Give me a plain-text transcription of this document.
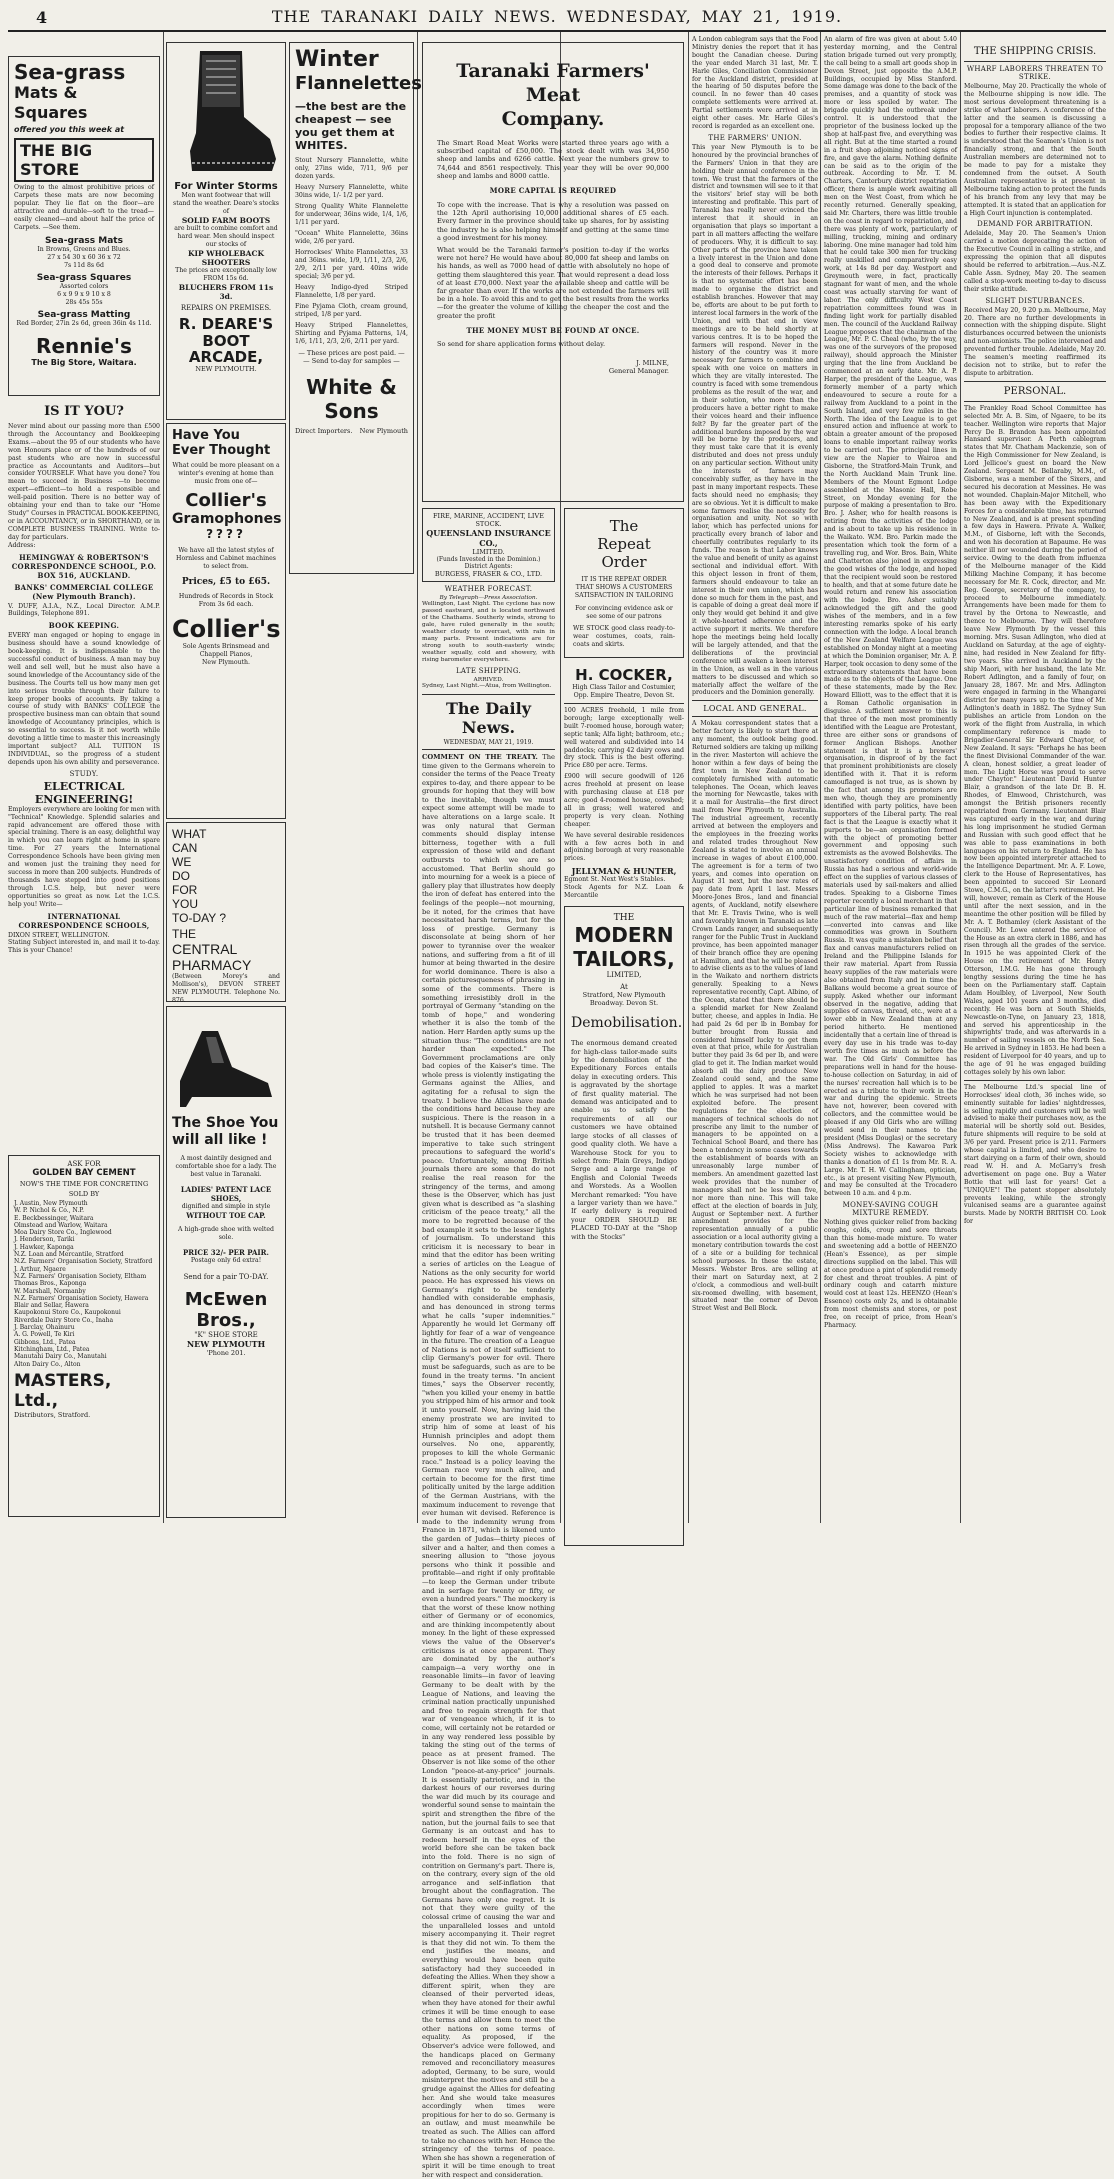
4	THE TARANAKI DAILY NEWS. WEDNESDAY, MAY 21, 1919.
Sea-grass
Mats & Squares
offered you this week at
THE BIG STORE
Owing to the almost prohibitive prices of Carpets these mats are now becoming popular. They lie flat on the floor—are attractive and durable—soft to the tread—easily cleaned—and about half the price of Carpets. —See them.
Sea-grass Mats
In Browns, Greens and Blues.
27 x 54 30 x 60 36 x 72
7s 11d 8s 6d
Sea-grass Squares
Assorted colors
6 x 9 9 x 9 10 x 8
28s 45s 55s
Sea-grass Matting
Red Border, 27in 2s 6d, green 36in 4s 11d.
Rennie's
The Big Store, Waitara.
IS IT YOU?
Never mind about our passing more than £500 through the Accountancy and Bookkeeping Exams.—about the 95 of our students who have won Honours place or of the hundreds of our past students who are now in successful practice as Accountants and Auditors—but consider YOURSELF. What have you done? You mean to succeed in Business —to become expert—efficient—to hold a responsible and well-paid position. There is no better way of obtaining your end than to take our "Home Study" Courses in PRACTICAL BOOK-KEEPING, or in ACCOUNTANCY, or in SHORTHAND, or in COMPLETE BUSINESS TRAINING. Write to-day for particulars.
Address:
HEMINGWAY & ROBERTSON'S CORRESPONDENCE SCHOOL, P.O. BOX 516, AUCKLAND.
BANKS' COMMERCIAL COLLEGE (New Plymouth Branch).
V. DUFF, A.I.A., N.Z., Local Director. A.M.P. Buildings, Telephone 891.
BOOK KEEPING.
EVERY man engaged or hoping to engage in business should have a sound knowledge of book-keeping. It is indispensable to the successful conduct of business. A man may buy well and sell well, but he must also have a sound knowledge of the Accountancy side of the business. The Courts tell us how many men get into serious trouble through their failure to keep proper books of accounts. By taking a course of study with BANKS' COLLEGE the prospective business man can obtain that sound knowledge of Accountancy principles, which is so essential to success. Is it not worth while devoting a little time to master this increasingly important subject? ALL TUITION IS INDIVIDUAL, so the progress of a student depends upon his own ability and perseverance.
STUDY.
ELECTRICAL ENGINEERING!
Employers everywhere are looking for men with "Technical" Knowledge. Splendid salaries and rapid advancement are offered those with special training. There is an easy, delightful way in which you can learn right at home in spare time. For 27 years the International Correspondence Schools have been giving men and women just the training they need for success in more than 200 subjects. Hundreds of thousands have stepped into good positions through I.C.S. help, but never were opportunities so great as now. Let the I.C.S. help you! Write—
INTERNATIONAL CORRESPONDENCE SCHOOLS,
DIXON STREET, WELLINGTON.
Stating Subject interested in, and mail it to-day. This is your Chance!
ASK FOR
GOLDEN BAY CEMENT
NOW'S THE TIME FOR CONCRETING
SOLD BY
J. Austin, New Plymouth
W. P. Nichol & Co., N.P.
E. Beckbessinger, Waitara
Olmstead and Warlow, Waitara
Moa Dairy Store Co., Inglewood
J. Henderson, Tariki
J. Hawker, Kaponga
N.Z. Loan and Mercantile, Stratford
N.Z. Farmers' Organisation Society, Stratford
J. Arthur, Ngaere
N.Z. Farmers' Organisation Society, Eltham
Thomas Bros., Kaponga
W. Marshall, Normanby
N.Z. Farmers' Organisation Society, Hawera
Blair and Sellar, Hawera
Kaupokonui Store Co., Kaupokonui
Riverdale Dairy Store Co., Inaha
J. Barclay, Ohainuru
A. G. Powell, Te Kiri
Gibbons, Ltd., Patea
Kitchingham, Ltd., Patea
Manutahi Dairy Co., Manutahi
Alton Dairy Co., Alton
MASTERS, Ltd.,
Distributors, Stratford.
For Winter Storms
Men want footwear that will stand the weather. Deare's stocks of
SOLID FARM BOOTS
are built to combine comfort and hard wear. Men should inspect our stocks of
KIP WHOLEBACK SHOOTERS
The prices are exceptionally low FROM 15s 6d.
BLUCHERS FROM 11s 3d.
REPAIRS ON PREMISES.
R. DEARE'S
BOOT
ARCADE,
NEW PLYMOUTH.
Winter
Flannelettes
—the best are the cheapest — see you get them at WHITES.
Stout Nursery Flannelette, white only, 27ins wide, 7/11, 9/6 per dozen yards.
Heavy Nursery Flannelette, white 30ins wide, 1/- 1/2 per yard.
Strong Quality White Flannelette for underwear, 36ins wide, 1/4, 1/6, 1/11 per yard.
"Ocean" White Flannelette, 36ins wide, 2/6 per yard.
Horrockses' White Flannelettes, 33 and 36ins. wide, 1/9, 1/11, 2/3, 2/6, 2/9, 2/11 per yard. 40ins wide special; 3/6 per yd.
Heavy Indigo-dyed Striped Flannelette, 1/8 per yard.
Fine Pyjama Cloth, cream ground, striped, 1/8 per yard.
Heavy Striped Flannelettes, Shirting and Pyjama Patterns, 1/4, 1/6, 1/11, 2/3, 2/6, 2/11 per yard.
— These prices are post paid. —
— Send to-day for samples —
White & Sons
Direct Importers. New Plymouth
Have You
Ever Thought
What could be more pleasant on a winter's evening at home than music from one of—
Collier's
Gramophones
????
We have all the latest styles of Hornless and Cabinet machines to select from.
Prices, £5 to £65.
Hundreds of Records in Stock From 3s 6d each.
Collier's
Sole Agents Brinsmead and Chappell Pianos,
New Plymouth.
WHAT
CAN
WE
DO
FOR
YOU
TO-DAY ?
THE
CENTRAL
PHARMACY
(Between Morey's and Mollison's), DEVON STREET NEW PLYMOUTH. Telephone No. 876.
The Shoe You
will all like !
A most daintily designed and comfortable shoe for a lady. The best value in Taranaki.
LADIES' PATENT LACE SHOES,
dignified and simple in style
WITHOUT TOE CAP.
A high-grade shoe with welted sole.
PRICE 32/- PER PAIR.
Postage only 6d extra!
Send for a pair TO-DAY.
McEwen Bros.,
"K" SHOE STORE
NEW PLYMOUTH
'Phone 201.
Taranaki Farmers' Meat
Company.
The Smart Road Meat Works were started three years ago with a subscribed capital of £50,000. The stock dealt with was 34,950 sheep and lambs and 6266 cattle. Next year the numbers grew to 74,644 and 8561 respectively. This year they will be over 90,000 sheep and lambs and 8000 cattle.
MORE CAPITAL IS REQUIRED
To cope with the increase. That is why a resolution was passed on the 12th April authorising 10,000 additional shares of £5 each. Every farmer in the province should take up shares, for by assisting the industry he is also helping himself and getting at the same time a good investment for his money.
What would be the Taranaki farmer's position to-day if the works were not here? He would have about 80,000 fat sheep and lambs on his hands, as well as 7000 head of cattle with absolutely no hope of getting them slaughtered this year. That would represent a dead loss of at least £70,000. Next year the available sheep and cattle will be far greater than ever. If the works are not extended the farmers will be in a hole. To avoid this and to get the best results from the works—for the greater the volume of killing the cheaper the cost and the greater the profit
THE MONEY MUST BE FOUND AT ONCE.
So send for share application forms without delay.
J. MILNE,
General Manager.
FIRE, MARINE, ACCIDENT, LIVE STOCK.
QUEENSLAND INSURANCE CO.,
LIMITED.
(Funds Invested in the Dominion.) District Agents:
BURGESS, FRASER & CO., LTD.
WEATHER FORECAST.
By Telegraph—Press Association.
Wellington, Last Night. The cyclone has now passed eastward, and is located northward of the Chathams. Southerly winds, strong to gale, have ruled generally in the south; weather cloudy to overcast, with rain in many parts. Present indications are for strong south to south-easterly winds; weather squally, cold and showery, with rising barometer everywhere.
LATE SHIPPING.
ARRIVED.
Sydney, Last Night.—Atua, from Wellington.
The Daily News.
WEDNESDAY, MAY 21, 1919.
COMMENT ON THE TREATY. The time given to the Germans wherein to consider the terms of the Peace Treaty expires to-day, and there appear to be grounds for hoping that they will bow to the inevitable, though we must expect some attempt will be made to have alterations on a large scale. It was only natural that German comments should display intense bitterness, together with a full expression of those wild and defiant outbursts to which we are so accustomed. That Berlin should go into mourning for a week is a piece of gallery play that illustrates how deeply the iron of defeat has entered into the feelings of the people—not mourning, be it noted, for the crimes that have necessitated harsh terms, but for the loss of prestige. Germany is disconsolate at being shorn of her power to tyrannise over the weaker nations, and suffering from a fit of ill humor at being thwarted in the desire for world dominance. There is also a certain picturesqueness of phrasing in some of the comments. There is something irresistibly droll in the portrayal of Germany "standing on the tomb of hope," and wondering whether it is also the tomb of the nation. Herr Harden aptly sums up the situation thus: "The conditions are not harder than expected." The Government proclamations are only bad copies of the Kaiser's time. The whole press is violently instigating the Germans against the Allies, and agitating for a refusal to sign the treaty. I believe the Allies have made the conditions hard because they are suspicious. There is the reason in a nutshell. It is because Germany cannot be trusted that it has been deemed imperative to take such stringent precautions to safeguard the world's peace. Unfortunately, among British journals there are some that do not realise the real reason for the stringency of the terms, and among these is the Observer, which has just given what is described as "a slashing criticism of the peace treaty," all the more to be regretted because of the bad example it sets to the lesser lights of journalism. To understand this criticism it is necessary to bear in mind that the editor has been writing a series of articles on the League of Nations as the only security for world peace. He has expressed his views on Germany's right to be tenderly handled with considerable emphasis, and has denounced in strong terms what he calls "super indemnities." Apparently he would let Germany off lightly for fear of a war of vengeance in the future. The creation of a League of Nations is not of itself sufficient to clip Germany's power for evil. There must be safeguards, such as are to be found in the treaty terms. "In ancient times," says the Observer recently, "when you killed your enemy in battle you stripped him of his armor and took it unto yourself. Now, having laid the enemy prostrate we are invited to strip him of some at least of his Hunnish principles and adopt them ourselves. No one, apparently, proposes to kill the whole Germanic race." Instead is a policy leaving the German race very much alive, and certain to become for the first time politically united by the large addition of the German Austrians, with the maximum inducement to revenge that ever human wit devised. Reference is made to the indemnity wrung from France in 1871, which is likened unto the garden of Judas—thirty pieces of silver and a halter, and then comes a sneering allusion to "those joyous persons who think it possible and profitable—and right if only profitable—to keep the German under tribute and in serfage for twenty or fifty, or even a hundred years." The mockery is that the worst of these know nothing either of Germany or of economics, and are thinking incompetently about money. In the light of these expressed views the value of the Observer's criticisms is at once apparent. They are dominated by the author's campaign—a very worthy one in reasonable limits—in favor of leaving Germany to be dealt with by the League of Nations, and leaving the criminal nation practically unpunished and free to regain strength for that war of vengeance which, if it is to come, will certainly not be retarded or in any way rendered less possible by taking the sting out of the terms of peace as at present framed. The Observer is not like some of the other London "peace-at-any-price" journals. It is essentially patriotic, and in the darkest hours of our reverses during the war did much by its courage and wonderful sound sense to maintain the spirit and strengthen the fibre of the nation, but the journal fails to see that Germany is an outcast and has to redeem herself in the eyes of the world before she can be taken back into the fold. There is no sign of contrition on Germany's part. There is, on the contrary, every sign of the old arrogance and self-inflation that brought about the conflagration. The Germans have only one regret. It is not that they were guilty of the colossal crime of causing the war and the unparalleled losses and untold misery accompanying it. Their regret is that they did not win. To them the end justifies the means, and everything would have been quite satisfactory had they succeeded in defeating the Allies. When they show a different spirit, when they are cleansed of their perverted ideas, when they have atoned for their awful crimes it will be time enough to ease the terms and allow them to meet the other nations on some terms of equality. As proposed, if the Observer's advice were followed, and the handicaps placed on Germany removed and reconciliatory measures adopted, Germany, to be sure, would misinterpret the motives and still be a grudge against the Allies for defeating her. And she would take measures accordingly when times were propitious for her to do so. Germany is an outlaw, and must meanwhile be treated as such. The Allies can afford to take no chances with her. Hence the stringency of the terms of peace. When she has shown a regeneration of spirit it will be time enough to treat her with respect and consideration.
The
Repeat Order
IT IS THE REPEAT ORDER THAT SHOWS A CUSTOMERS SATISFACTION IN TAILORING
For convincing evidence ask or see some of our patrons
WE STOCK good class ready-to-wear costumes, coats, rain-coats and skirts.
H. COCKER,
High Class Tailor and Costumier,
Opp. Empire Theatre, Devon St.
100 ACRES freehold, 1 mile from borough; large exceptionally well-built 7-roomed house, borough water; septic tank; Alfa light; bathroom, etc.; well watered and subdivided into 14 paddocks; carrying 42 dairy cows and dry stock. This is the best offering. Price £80 per acre. Terms.
£900 will secure goodwill of 126 acres freehold at present on lease with purchasing clause at £18 per acre; good 4-roomed house, cowshed; all in grass; well watered and property is very clean. Nothing cheaper.
We have several desirable residences with a few acres both in and adjoining borough at very reasonable prices.
JELLYMAN & HUNTER,
Egmont St. Next West's Stables.
Stock Agents for N.Z. Loan & Mercantile
THE
MODERN
TAILORS,
LIMITED,
At
Stratford, New Plymouth
Broadway. Devon St.
Demobilisation.
The enormous demand created for high-class tailor-made suits by the demobilisation of the Expeditionary Forces entails delay in executing orders. This is aggravated by the shortage of first quality material. The demand was anticipated and to enable us to satisfy the requirements of all our customers we have obtained large stocks of all classes of good quality cloth. We have a Warehouse Stock for you to select from: Plain Greys, Indigo Serge and a large range of English and Colonial Tweeds and Worsteds. As a Woollen Merchant remarked: "You have a larger variety than we have." If early delivery is required your ORDER SHOULD BE PLACED TO-DAY at the "Shop with the Stocks"
A London cablegram says that the Food Ministry denies the report that it has bought the Canadian cheese. During the year ended March 31 last, Mr. T. Harle Giles, Conciliation Commissioner for the Auckland district, presided at the hearing of 50 disputes before the council. In no fewer than 40 cases complete settlements were arrived at. Partial settlements were arrived at in eight other cases. Mr. Harle Giles's record is regarded as an excellent one.
THE FARMERS' UNION.
This year New Plymouth is to be honoured by the provincial branches of the Farmers' Union in that they are holding their annual conference in the town. We trust that the farmers of the district and townsmen will see to it that the visitors' brief stay will be both interesting and profitable. This part of Taranaki has really never evinced the interest that it should in an organisation that plays so important a part in all matters affecting the welfare of producers. Why, it is difficult to say. Other parts of the province have taken a lively interest in the Union and done a good deal to conserve and promote the interests of their fellows. Perhaps it is that no systematic effort has been made to organise the district and establish branches. However that may be, efforts are about to be put forth to interest local farmers in the work of the Union, and with that end in view meetings are to be held shortly at various centres. It is to be hoped the farmers will respond. Never in the history of the country was it more necessary for farmers to combine and speak with one voice on matters in which they are vitally interested. The country is faced with some tremendous problems as the result of the war, and in their solution, who more than the producers have a better right to make their voices heard and their influence felt? By far the greater part of the additional burdens imposed by the war will be borne by the producers, and they must take care that it is evenly distributed and does not press unduly on any particular section. Without unity the interests of farmers may conceivably suffer, as they have in the past in many important respects. These facts should need no emphasis; they are so obvious. Yet it is difficult to make some farmers realise the necessity for organisation and unity. Not so with labor, which has perfected unions for practically every branch of labor and cheerfully contributes regularly to its funds. The reason is that Labor knows the value and benefit of unity as against sectional and individual effort. With this object lesson in front of them, farmers should endeavour to take an interest in their own union, which has done so much for them in the past, and is capable of doing a great deal more if only they would get behind it and give it whole-hearted adherence and the active support it merits. We therefore hope the meetings being held locally will be largely attended, and that the deliberations of the provincial conference will awaken a keen interest in the Union, as well as in the various matters to be discussed and which so materially affect the welfare of the producers and the Dominion generally.
LOCAL AND GENERAL.
A Mokau correspondent states that a better factory is likely to start there at any moment, the outlook being good. Returned soldiers are taking up milking in the river. Masterton will achieve the honor within a few days of being the first town in New Zealand to be completely furnished with automatic telephones. The Ocean, which leaves the morning for Newcastle, takes with it a mail for Australia—the first direct mail from New Plymouth to Australia. The industrial agreement, recently arrived at between the employers and the employees in the freezing works and related trades throughout New Zealand is stated to involve an annual increase in wages of about £100,000. The agreement is for a term of two years, and comes into operation on August 31 next, but the new rates of pay date from April 1 last. Messrs Moore-Jones Bros., land and financial agents, of Auckland, notify elsewhere that Mr. E. Travis Twine, who is well and favorably known in Taranaki as late Crown Lands ranger, and subsequently ranger for the Public Trust in Auckland province, has been appointed manager of their branch office they are opening at Hamilton, and that he will be pleased to advise clients as to the values of land in the Waikato and northern districts generally. Speaking to a News representative recently, Capt. Albino, of the Ocean, stated that there should be a splendid market for New Zealand butter, cheese, and apples in India. He had paid 2s 6d per lb in Bombay for butter brought from Russia and considered himself lucky to get them even at that price, while for Australian butter they paid 3s 6d per lb, and were glad to get it. The Indian market would absorb all the dairy produce New Zealand could send, and the same applied to apples. It was a market which he was surprised had not been exploited before. The present regulations for the election of managers of technical schools do not prescribe any limit to the number of managers to be appointed on a Technical School Board, and there has been a tendency in some cases towards the establishment of boards with an unreasonably large number of members. An amendment gazetted last week provides that the number of managers shall not be less than five, nor more than nine. This will take effect at the election of boards in July, August or September next. A further amendment provides for the representation annually of a public association or a local authority giving a monetary contribution towards the cost of a site or a building for technical school purposes. In these the estate, Messrs. Webster Bros. are selling at their mart on Saturday next, at 2 o'clock, a commodious and well-built six-roomed dwelling, with basement, situated near the corner of Devon Street West and Bell Block.
An alarm of fire was given at about 5.40 yesterday morning, and the Central station brigade turned out very promptly, the call being to a small art goods shop in Devon Street, just opposite the A.M.P. Buildings, occupied by Miss Stanford. Some damage was done to the back of the premises, and a quantity of stock was more or less spoiled by water. The brigade quickly had the outbreak under control. It is understood that the proprietor of the business locked up the shop at half-past five, and everything was all right. But at the time started a round in a fruit shop adjoining noticed signs of fire, and gave the alarm. Nothing definite can be said as to the origin of the outbreak. According to Mr. T. M. Charters, Canterbury district repatriation officer, there is ample work awaiting all men on the West Coast, from which he recently returned. Generally speaking, said Mr. Charters, there was little trouble on the coast in regard to repatriation, and there was plenty of work, particularly of milling, trucking, mining and ordinary laboring. One mine manager had told him that he could take 300 men for trucking really unskilled and comparatively easy work, at 14s 8d per day. Westport and Greymouth were, in fact, practically stagnant for want of men, and the whole coast was actually starving for want of labor. The only difficulty West Coast repatriation committees found was in finding light work for partially disabled men. The council of the Auckland Railway League proposes that the chairman of the League, Mr. P. C. Cheal (who, by the way, was one of the surveyors of the proposed railway), should approach the Minister urging that the line from Auckland be commenced at an early date. Mr. A. P. Harper, the president of the League, was formerly member of a party which endeavoured to secure a route for a railway from Auckland to a point in the South Island, and very few miles in the North. The idea of the League is to get ensured action and influence at work to obtain a greater amount of the proposed loans to enable important railway works to be carried out. The principal lines in view are the Napier to Wairoa and Gisborne, the Stratford-Main Trunk, and the North Auckland Main Trunk line. Members of the Mount Egmont Lodge assembled at the Masonic Hall, Robe Street, on Monday evening for the purpose of making a presentation to Bro. Bro. J. Asher, who for health reasons is retiring from the activities of the lodge and is about to take up his residence in the Waikato. W.M. Bro. Parkin made the presentation which took the form of a travelling rug, and Wor. Bros. Bain, White and Chatterton also joined in expressing the good wishes of the lodge, and hoped that the recipient would soon be restored to health, and that at some future date he would return and renew his association with the lodge. Bro. Asher suitably acknowledged the gift and the good wishes of the members, and in a few interesting remarks spoke of his early connection with the lodge. A local branch of the New Zealand Welfare League was established on Monday night at a meeting at which the Dominion organiser, Mr. A. P. Harper, took occasion to deny some of the extraordinary statements that have been made as to the objects of the League. One of these statements, made by the Rev. Howard Elliott, was to the effect that it is a Roman Catholic organisation in disguise. A sufficient answer to this is that three of the men most prominently identified with the League are Protestant, three are either sons or grandsons of former Anglican Bishops. Another statement is that it is a brewers' organisation, in disproof of by the fact that prominent prohibitionists are closely identified with it. That it is reform camouflaged is not true, as is shown by the fact that among its promoters are men who, though they are prominently identified with party politics, have been supporters of the Liberal party. The real fact is that the League is exactly what it purports to be—an organisation formed with the object of promoting better government and opposing such extremists as the avowed Bolsheviks. The unsatisfactory condition of affairs in Russia has had a serious and world-wide effect on the supplies of various classes of materials used by sail-makers and allied trades. Speaking to a Gisborne Times reporter recently a local merchant in that particular line of business remarked that much of the raw material—flax and hemp—converted into canvas and like commodities was grown in Southern Russia. It was quite a mistaken belief that flax and canvas manufacturers relied on Ireland and the Philippine Islands for their raw material. Apart from Russia heavy supplies of the raw materials were also obtained from Italy and in time the Balkans would become a great source of supply. Asked whether our informant observed in the negative, adding that supplies of canvas, thread, etc., were at a lower ebb in New Zealand than at any period hitherto. He mentioned incidentally that a certain line of thread is every day use in his trade was to-day worth five times as much as before the war. The Old Girls' Committee has preparations well in hand for the house-to-house collection on Saturday, in aid of the nurses' recreation hall which is to be erected as a tribute to their work in the war and during the epidemic. Streets have not, however, been covered with collectors, and the committee would be pleased if any Old Girls who are willing would send in their names to the president (Miss Douglas) or the secretary (Miss Andrews). The Kawaroa Park Society wishes to acknowledge with thanks a donation of £1 1s from Mr. R. A. Large. Mr. T. H. W. Callingham, optician, etc., is at present visiting New Plymouth, and may be consulted at the Trocadero between 10 a.m. and 4 p.m.
MONEY-SAVING COUGH MIXTURE REMEDY.
Nothing gives quicker relief from backing coughs, colds, croup and sore throats than this home-made mixture. To water and sweetening add a bottle of HEENZO (Hean's Essence), as per simple directions supplied on the label. This will at once produce a pint of splendid remedy for chest and throat troubles. A pint of ordinary cough and catarrh mixture would cost at least 12s. HEENZO (Hean's Essence) costs only 2s, and is obtainable from most chemists and stores, or post free, on receipt of price, from Hean's Pharmacy.
THE SHIPPING CRISIS.
WHARF LABORERS THREATEN TO STRIKE.
Melbourne, May 20. Practically the whole of the Melbourne shipping is now idle. The most serious development threatening is a strike of wharf laborers. A conference of the latter and the seamen is discussing a proposal for a temporary alliance of the two bodies to further their respective claims. It is understood that the Seamen's Union is not financially strong, and that the South Australian members are determined not to be made to pay for a mistake they condemned from the outset. A South Australian representative is at present in Melbourne taking action to protect the funds of his branch from any levy that may be attempted. It is stated that an application for a High Court injunction is contemplated.
DEMAND FOR ARBITRATION.
Adelaide, May 20. The Seamen's Union carried a motion deprecating the action of the Executive Council in calling a strike, and expressing the opinion that all disputes should be referred to arbitration.—Aus.-N.Z. Cable Assn. Sydney, May 20. The seamen called a stop-work meeting to-day to discuss their strike attitude.
SLIGHT DISTURBANCES.
Received May 20, 9.20 p.m. Melbourne, May 20. There are no further developments in connection with the shipping dispute. Slight disturbances occurred between the unionists and non-unionists. The police intervened and prevented further trouble. Adelaide, May 20. The seamen's meeting reaffirmed its decision not to strike, but to refer the dispute to arbitration.
PERSONAL.
The Frankley Road School Committee has selected Mr. A. B. Sim, of Ngaere, to be its teacher. Wellington wire reports that Major Percy De B. Brandon has been appointed Hansard supervisor. A Perth cablegram states that Mr. Chatham Mackenzie, son of the High Commissioner for New Zealand, is Lord Jellicoe's guest on board the New Zealand. Sergeant M. Bellaraby, M.M., of Gisborne, was a member of the Sixers, and secured his decoration at Messines. He was not wounded. Chaplain-Major Mitchell, who has been away with the Expeditionary Forces for a considerable time, has returned to New Zealand, and is at present spending a few days in Hawera. Private A. Walker, M.M., of Gisborne, left with the Seconds, and won his decoration at Bapaume. He was neither ill nor wounded during the period of service. Owing to the death from influenza of the Melbourne manager of the Kidd Milking Machine Company, it has become necessary for Mr. R. Cock, director, and Mr. Reg. George, secretary of the company, to proceed to Melbourne immediately. Arrangements have been made for them to travel by the Ortona to Newcastle, and thence to Melbourne. They will therefore leave New Plymouth by the vessel this morning. Mrs. Susan Adlington, who died at Auckland on Saturday, at the age of eighty-nine, had resided in New Zealand for fifty-two years. She arrived in Auckland by the ship Maori, with her husband, the late Mr. Robert Adlington, and a family of four, on January 28, 1867. Mr. and Mrs. Adlington were engaged in farming in the Whangarei district for many years up to the time of Mr. Adlington's death in 1882. The Sydney Sun publishes an article from London on the work of the flight from Australia, in which complimentary reference is made to Brigadier-General Sir Edward Chaytor, of New Zealand. It says: "Perhaps he has been the finest Divisional Commander of the war. A clean, honest soldier, a great leader of men. The Light Horse was proud to serve under Chaytor." Lieutenant David Hunter Blair, a grandson of the late Dr. B. H. Rhodes, of Elmwood, Christchurch, was amongst the British prisoners recently repatriated from Germany. Lieutenant Blair was captured early in the war, and during his long imprisonment he studied German and Russian with such good effect that he was able to pass examinations in both languages on his return to England. He has now been appointed interpreter attached to the Intelligence Department. Mr. A. F. Lowe, clerk to the House of Representatives, has been appointed to succeed Sir Leonard Stowe, C.M.G., on the latter's retirement. He will, however, remain as Clerk of the House until after the next session, and in the meantime the other position will be filled by Mr. A. T. Bothamley (clerk Assistant of the Council). Mr. Lowe entered the service of the House as an extra clerk in 1886, and has risen through all the grades of the service. In 1915 he was appointed Clerk of the House on the retirement of Mr. Henry Otterson, I.M.G. He has gone through lengthy sessions during the time he has been on the Parliamentary staff. Captain Adam Houlbley, of Liverpool, New South Wales, aged 101 years and 3 months, died recently. He was born at South Shields, Newcastle-on-Tyne, on January 23, 1818, and served his apprenticeship in the shipwrights' trade, and was afterwards in a number of sailing vessels on the North Sea. He arrived in Sydney in 1853. He had been a resident of Liverpool for 40 years, and up to the age of 91 he was engaged building cottages solely by his own labor.
The Melbourne Ltd.'s special line of Horrockses' ideal cloth, 36 inches wide, so eminently suitable for ladies' nightdresses, is selling rapidly and customers will be well advised to make their purchases now, as the material will be shortly sold out. Besides, future shipments will require to be sold at 3/6 per yard. Present price is 2/11. Farmers whose capital is limited, and who desire to start dairying on a farm of their own, should read W. H. and A. McGarry's fresh advertisement on page one. Buy a Water Bottle that will last for years! Get a "UNIQUE"! The patent stopper absolutely prevents leaking, while the strongly vulcanised seams are a guarantee against bursts. Made by NORTH BRITISH CO. Look for
